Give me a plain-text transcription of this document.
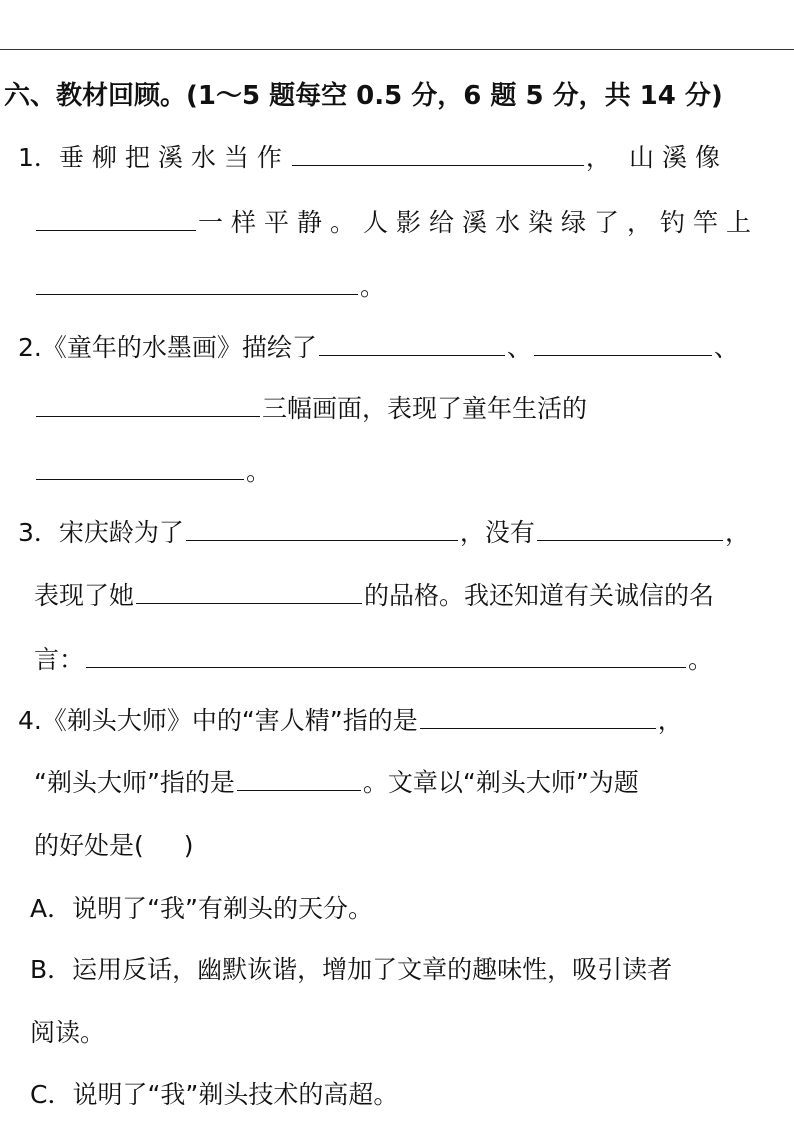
六、教材回顾。(1～5 题每空 0.5 分，6 题 5 分，共 14 分)
1．垂柳把溪水当作	， 山溪像
一样平静。人影给溪水染绿了，钓竿上
。
2.《童年的水墨画》描绘了	、	、
三幅画面，表现了童年生活的
。
3．宋庆龄为了	，没有	，
表现了她	的品格。我还知道有关诚信的名
言：	。
4.《剃头大师》中的“害人精”指的是	，
“剃头大师”指的是	。文章以“剃头大师”为题
的好处是( )
A．说明了“我”有剃头的天分。
B．运用反话，幽默诙谐，增加了文章的趣味性，吸引读者
阅读。
C．说明了“我”剃头技术的高超。
